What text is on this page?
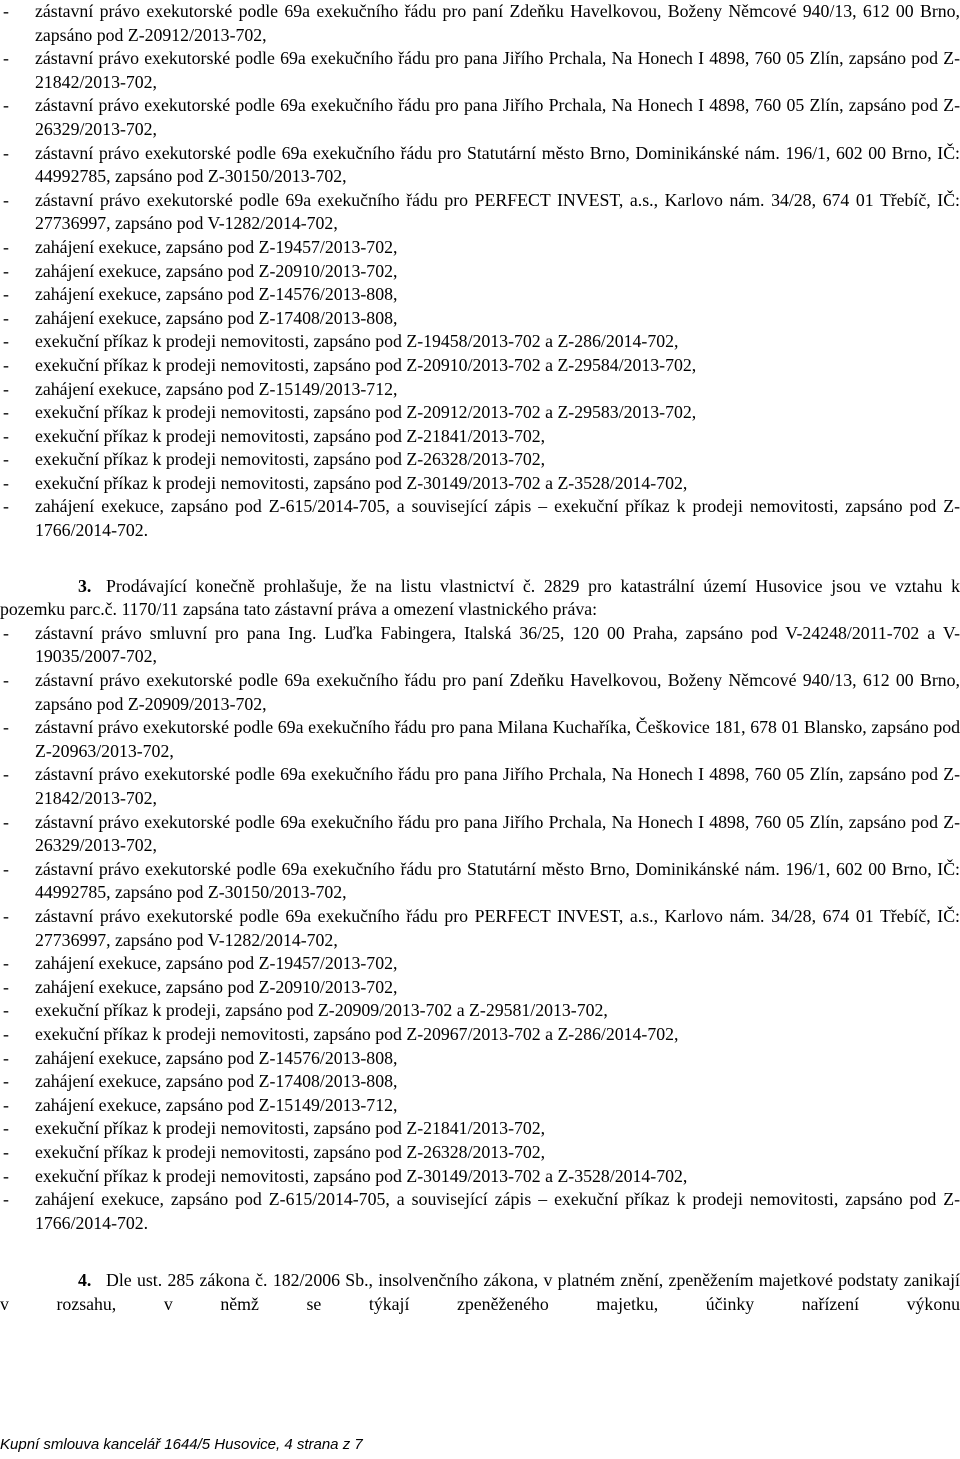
- zástavní právo exekutorské podle 69a exekučního řádu pro paní Zdeňku Havelkovou, Boženy Němcové 940/13, 612 00 Brno, zapsáno pod Z-20912/2013-702,
- zástavní právo exekutorské podle 69a exekučního řádu pro pana Jiřího Prchala, Na Honech I 4898, 760 05 Zlín, zapsáno pod Z-21842/2013-702,
- zástavní právo exekutorské podle 69a exekučního řádu pro pana Jiřího Prchala, Na Honech I 4898, 760 05 Zlín, zapsáno pod Z-26329/2013-702,
- zástavní právo exekutorské podle 69a exekučního řádu pro Statutární město Brno, Dominikánské nám. 196/1, 602 00 Brno, IČ: 44992785, zapsáno pod Z-30150/2013-702,
- zástavní právo exekutorské podle 69a exekučního řádu pro PERFECT INVEST, a.s., Karlovo nám. 34/28, 674 01 Třebíč, IČ: 27736997, zapsáno pod V-1282/2014-702,
- zahájení exekuce, zapsáno pod Z-19457/2013-702,
- zahájení exekuce, zapsáno pod Z-20910/2013-702,
- zahájení exekuce, zapsáno pod Z-14576/2013-808,
- zahájení exekuce, zapsáno pod Z-17408/2013-808,
- exekuční příkaz k prodeji nemovitosti, zapsáno pod Z-19458/2013-702 a Z-286/2014-702,
- exekuční příkaz k prodeji nemovitosti, zapsáno pod Z-20910/2013-702 a Z-29584/2013-702,
- zahájení exekuce, zapsáno pod Z-15149/2013-712,
- exekuční příkaz k prodeji nemovitosti, zapsáno pod Z-20912/2013-702 a Z-29583/2013-702,
- exekuční příkaz k prodeji nemovitosti, zapsáno pod Z-21841/2013-702,
- exekuční příkaz k prodeji nemovitosti, zapsáno pod Z-26328/2013-702,
- exekuční příkaz k prodeji nemovitosti, zapsáno pod Z-30149/2013-702 a Z-3528/2014-702,
- zahájení exekuce, zapsáno pod Z-615/2014-705, a související zápis – exekuční příkaz k prodeji nemovitosti, zapsáno pod Z-1766/2014-702.
3. Prodávající konečně prohlašuje, že na listu vlastnictví č. 2829 pro katastrální území Husovice jsou ve vztahu k pozemku parc.č. 1170/11 zapsána tato zástavní práva a omezení vlastnického práva:
- zástavní právo smluvní pro pana Ing. Luďka Fabingera, Italská 36/25, 120 00 Praha, zapsáno pod V-24248/2011-702 a V-19035/2007-702,
- zástavní právo exekutorské podle 69a exekučního řádu pro paní Zdeňku Havelkovou, Boženy Němcové 940/13, 612 00 Brno, zapsáno pod Z-20909/2013-702,
- zástavní právo exekutorské podle 69a exekučního řádu pro pana Milana Kuchaříka, Češkovice 181, 678 01 Blansko, zapsáno pod Z-20963/2013-702,
- zástavní právo exekutorské podle 69a exekučního řádu pro pana Jiřího Prchala, Na Honech I 4898, 760 05 Zlín, zapsáno pod Z-21842/2013-702,
- zástavní právo exekutorské podle 69a exekučního řádu pro pana Jiřího Prchala, Na Honech I 4898, 760 05 Zlín, zapsáno pod Z-26329/2013-702,
- zástavní právo exekutorské podle 69a exekučního řádu pro Statutární město Brno, Dominikánské nám. 196/1, 602 00 Brno, IČ: 44992785, zapsáno pod Z-30150/2013-702,
- zástavní právo exekutorské podle 69a exekučního řádu pro PERFECT INVEST, a.s., Karlovo nám. 34/28, 674 01 Třebíč, IČ: 27736997, zapsáno pod V-1282/2014-702,
- zahájení exekuce, zapsáno pod Z-19457/2013-702,
- zahájení exekuce, zapsáno pod Z-20910/2013-702,
- exekuční příkaz k prodeji, zapsáno pod Z-20909/2013-702 a Z-29581/2013-702,
- exekuční příkaz k prodeji nemovitosti, zapsáno pod Z-20967/2013-702 a Z-286/2014-702,
- zahájení exekuce, zapsáno pod Z-14576/2013-808,
- zahájení exekuce, zapsáno pod Z-17408/2013-808,
- zahájení exekuce, zapsáno pod Z-15149/2013-712,
- exekuční příkaz k prodeji nemovitosti, zapsáno pod Z-21841/2013-702,
- exekuční příkaz k prodeji nemovitosti, zapsáno pod Z-26328/2013-702,
- exekuční příkaz k prodeji nemovitosti, zapsáno pod Z-30149/2013-702 a Z-3528/2014-702,
- zahájení exekuce, zapsáno pod Z-615/2014-705, a související zápis – exekuční příkaz k prodeji nemovitosti, zapsáno pod Z-1766/2014-702.
4. Dle ust. 285 zákona č. 182/2006 Sb., insolvenčního zákona, v platném znění, zpeněžením majetkové podstaty zanikají v rozsahu, v němž se týkají zpeněženého majetku, účinky nařízení výkonu
Kupní smlouva kancelář 1644/5 Husovice, 4 strana z 7
